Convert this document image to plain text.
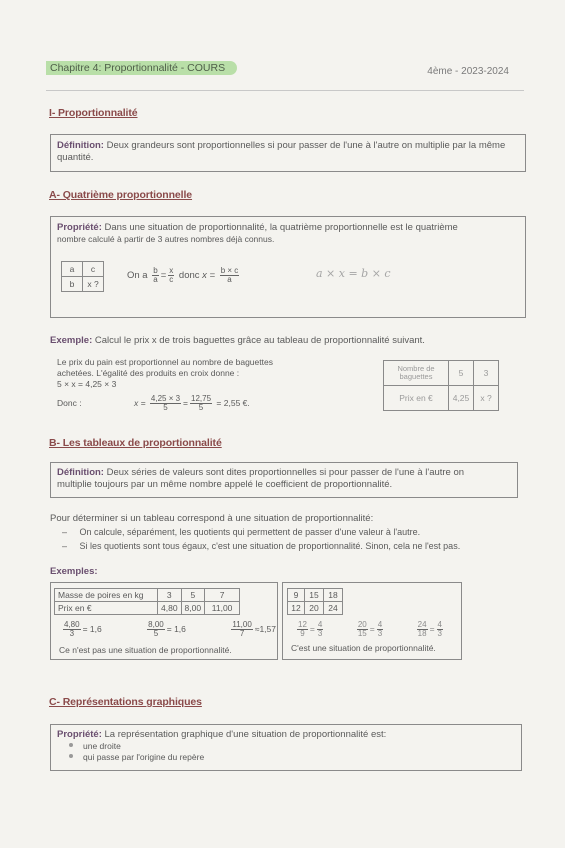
Chapitre 4: Proportionnalité - COURS	4ème - 2023-2024
I- Proportionnalité
Définition: Deux grandeurs sont proportionnelles si pour passer de l'une à l'autre on multiplie par la même quantité.
A- Quatrième proportionnelle
Propriété: Dans une situation de proportionnalité, la quatrième proportionnelle est le quatrième
nombre calculé à partir de 3 autres nombres déjà connus.
a	c
b	x ?
On a $\frac{b}{a} = \frac{x}{c}$ donc $x = \frac{b \times c}{a}$	a × x = b × c
Exemple: Calcul le prix x de trois baguettes grâce au tableau de proportionnalité suivant.
Le prix du pain est proportionnel au nombre de baguettes
achetées. L'égalité des produits en croix donne :
5 × x = 4,25 × 3
Donc :	$x = \frac{4,25 \times 3}{5} = \frac{12,75}{5} = 2,55$ €.
Nombre de baguettes	5	3
Prix en €	4,25	x ?
B- Les tableaux de proportionnalité
Définition: Deux séries de valeurs sont dites proportionnelles si pour passer de l'une à l'autre on
multiplie toujours par un même nombre appelé le coefficient de proportionnalité.
Pour déterminer si un tableau correspond à une situation de proportionnalité:
–     On calcule, séparément, les quotients qui permettent de passer d'une valeur à l'autre.
–     Si les quotients sont tous égaux, c'est une situation de proportionnalité. Sinon, cela ne l'est pas.
Exemples:
Masse de poires en kg	3	5	7
Prix en €	4,80	8,00	11,00
$\frac{4,80}{3} = 1,6$	$\frac{8,00}{5} = 1,6$	$\frac{11,00}{7} \approx 1,57$
Ce n'est pas une situation de proportionnalité.
9	15	18
12	20	24
$\frac{12}{9} = \frac{4}{3}$	$\frac{20}{15} = \frac{4}{3}$	$\frac{24}{18} = \frac{4}{3}$
C'est une situation de proportionnalité.
C- Représentations graphiques
Propriété: La représentation graphique d'une situation de proportionnalité est:
une droite
qui passe par l'origine du repère
